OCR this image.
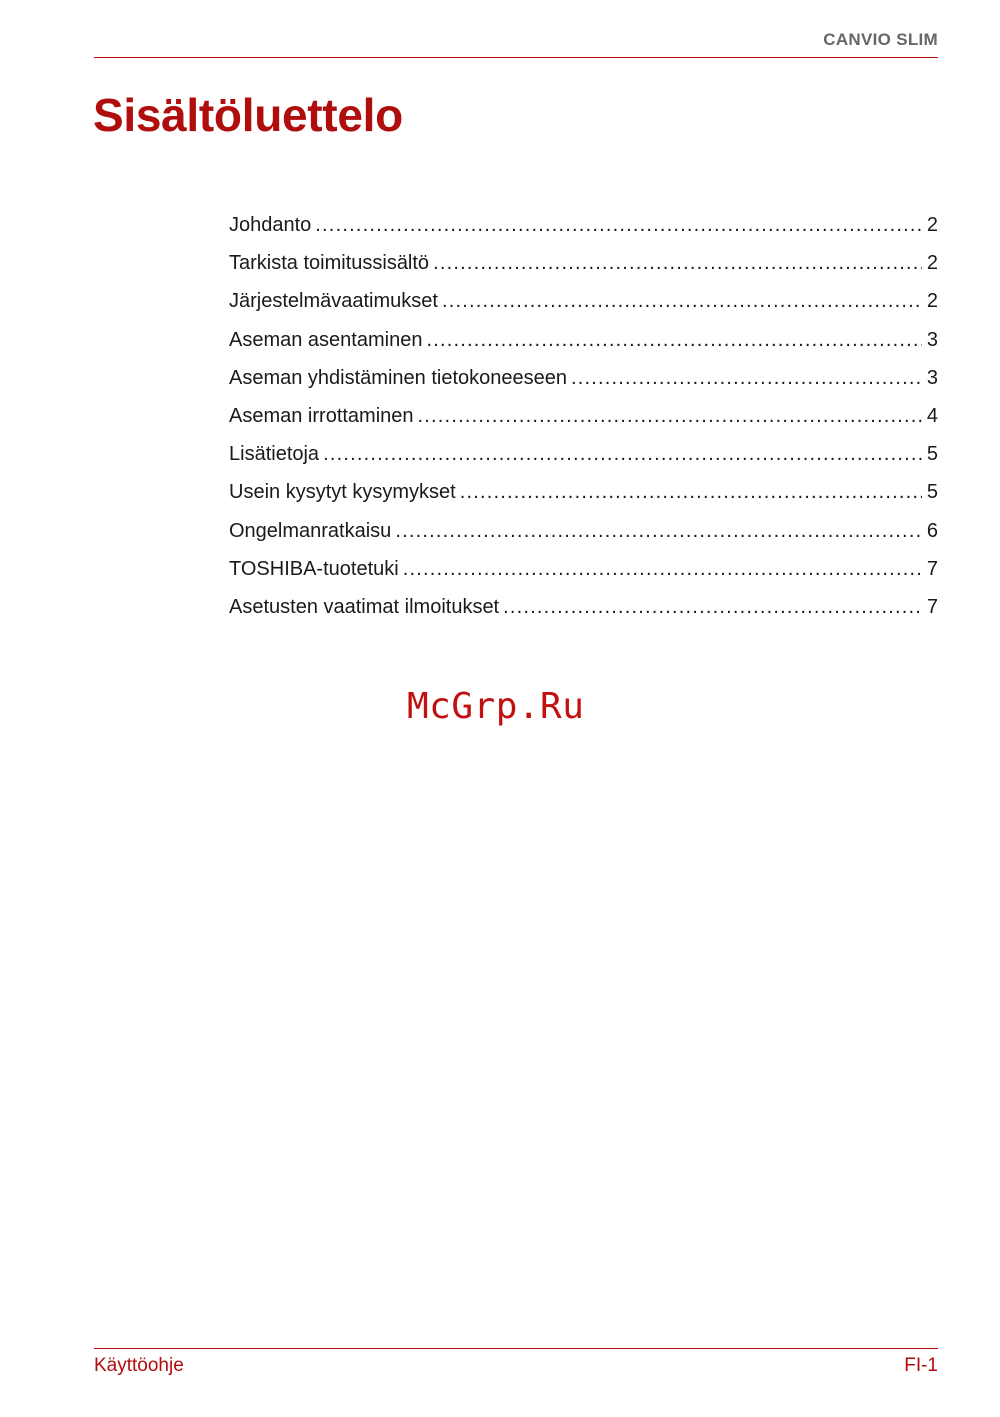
CANVIO SLIM
Sisältöluettelo
Johdanto .....	2
Tarkista toimitussisältö .....	2
Järjestelmävaatimukset .....	2
Aseman asentaminen .....	3
Aseman yhdistäminen tietokoneeseen .....	3
Aseman irrottaminen .....	4
Lisätietoja .....	5
Usein kysytyt kysymykset .....	5
Ongelmanratkaisu .....	6
TOSHIBA-tuotetuki .....	7
Asetusten vaatimat ilmoitukset .....	7
McGrp.Ru
Käyttöohje	FI-1
